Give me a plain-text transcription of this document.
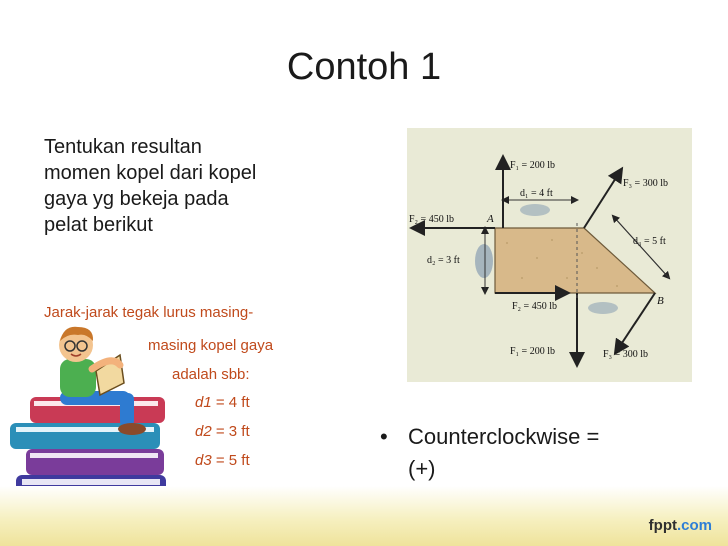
Contoh 1
Tentukan resultan
momen kopel dari kopel
gaya yg bekeja pada
pelat berikut
Jarak-jarak tegak lurus masing-
masing kopel gaya
adalah sbb:
d1 = 4 ft
d2 = 3 ft
d3 = 5 ft
F₁ = 200 lb
F₃ = 300 lb
F₂ = 450 lb	A
d₁ = 4 ft
d₂ = 3 ft
d₃ = 5 ft
F₂ = 450 lb	B
F₁ = 200 lb	F₃ = 300 lb
• Counterclockwise =
(+)
fppt.com
